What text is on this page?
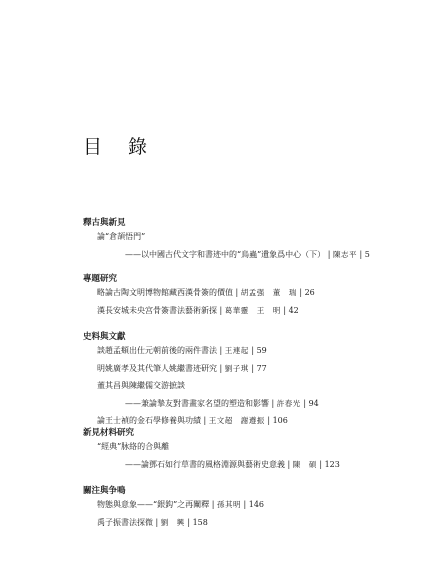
目 錄
釋古與新見
論“倉頡悟門”
——以中國古代文字和書迹中的“鳥蟲”遺象爲中心（下） | 陳志平 | 5
專題研究
略論古陶文明博物館藏西漢骨簽的價值 | 胡孟强　董　瑞 | 26
漢長安城未央宫骨簽書法藝術新探 | 葛華靈　王　明 | 42
史料與文獻
談趙孟頫出仕元朝前後的兩件書法 | 王連起 | 59
明姚廣孝及其代筆人姚繼書迹研究 | 劉子琪 | 77
董其昌與陳繼儒交游摭談
——兼論摯友對書畫家名望的塑造和影響 | 許春光 | 94
論王士禎的金石學修養與功績 | 王文超　謝遵振 | 106
新見材料研究
“經典”脉絡的合與離
——論鄧石如行草書的風格淵源與藝術史意義 | 陳　碩 | 123
關注與争鳴
物態與意象——“銀鈎”之再闡釋 | 孫其明 | 146
禹子振書法探微 | 劉　興 | 158
